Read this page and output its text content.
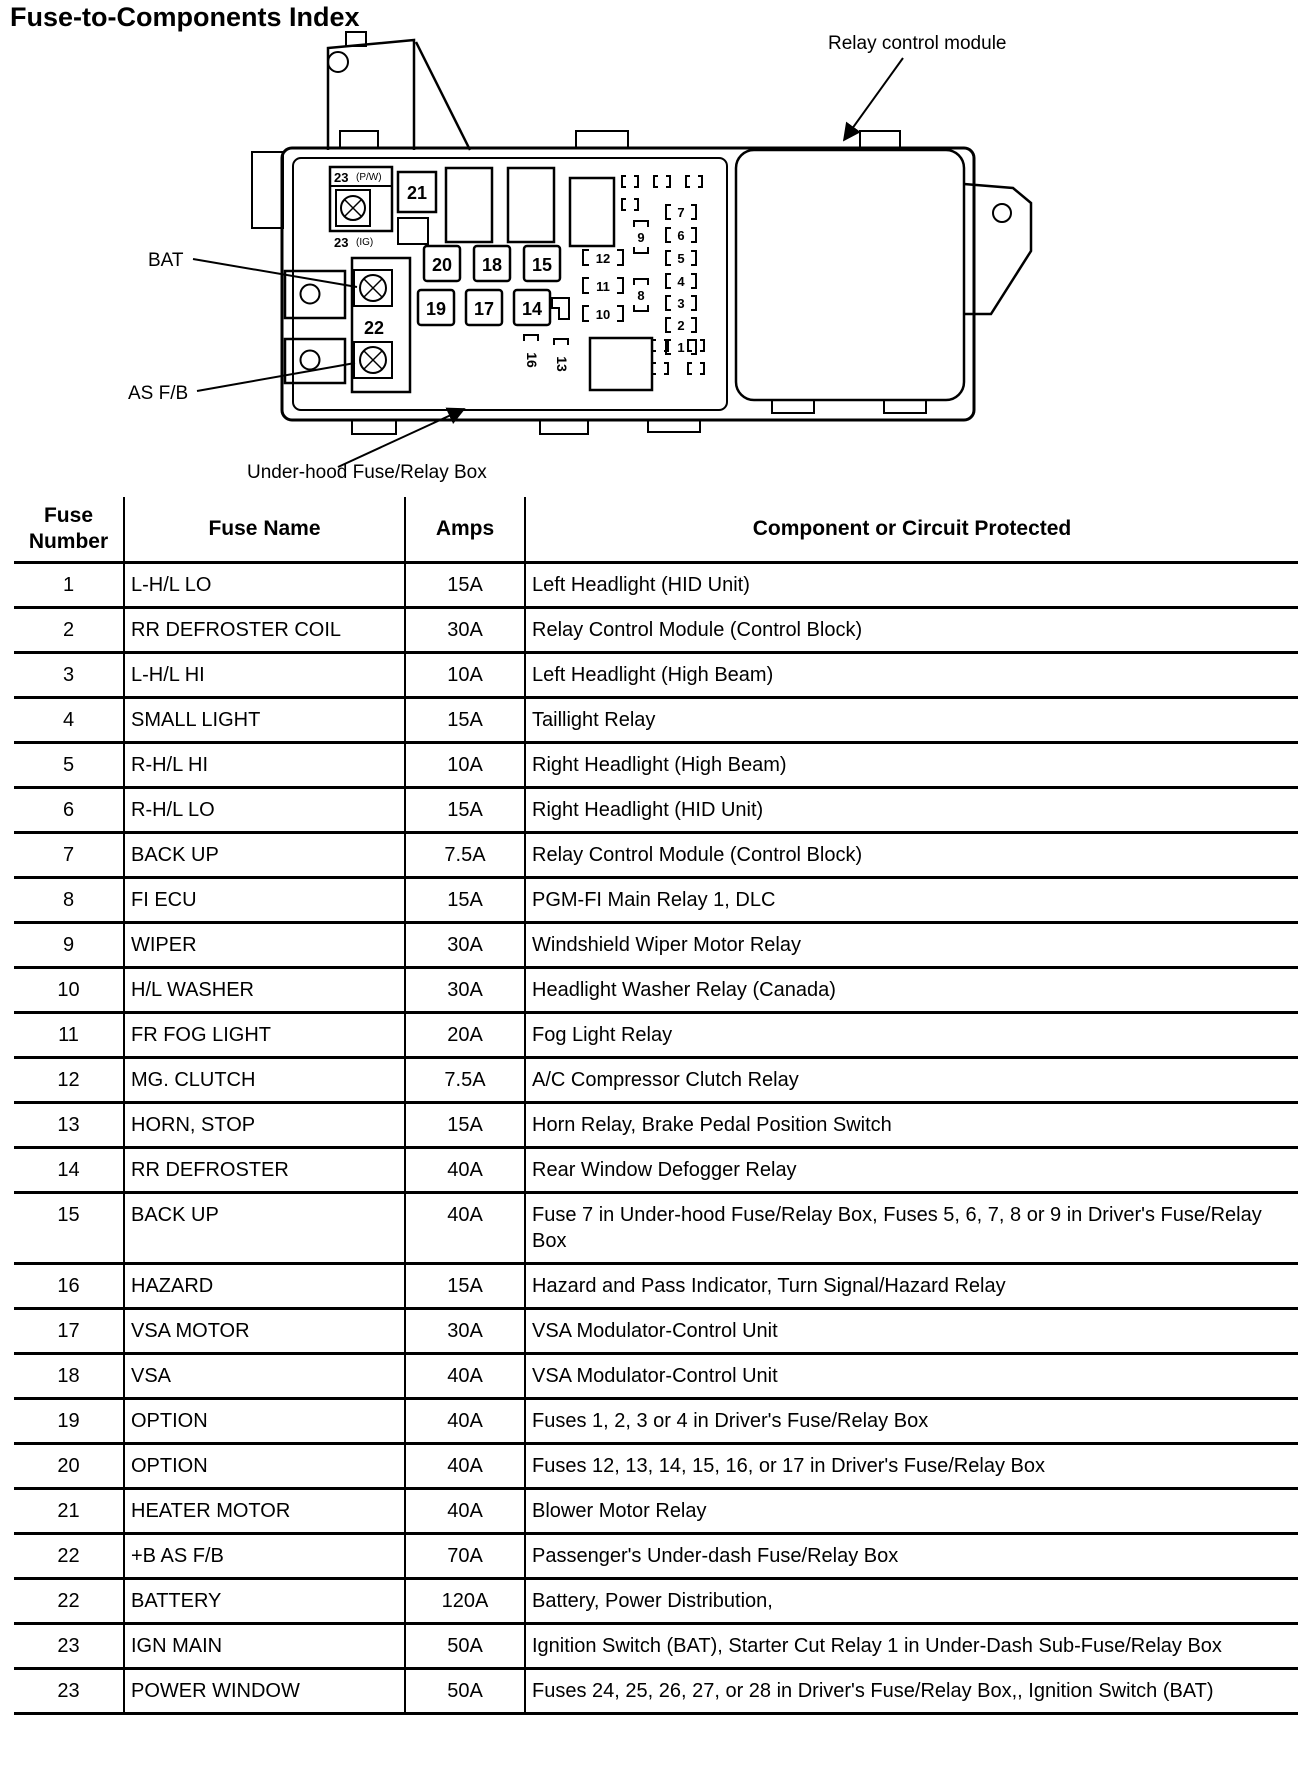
23 (P/W)
23 (IG)
21
20 18 15
19 17 14
22
12
11
10
9
8
7
6
5
4
3
2
1
16 13
Relay control module
BAT
AS F/B
Under-hood Fuse/Relay Box
Fuse-to-Components Index
Fuse Number	Fuse Name	Amps	Component or Circuit Protected
1	L-H/L LO	15A	Left Headlight (HID Unit)
2	RR DEFROSTER COIL	30A	Relay Control Module (Control Block)
3	L-H/L HI	10A	Left Headlight (High Beam)
4	SMALL LIGHT	15A	Taillight Relay
5	R-H/L HI	10A	Right Headlight (High Beam)
6	R-H/L LO	15A	Right Headlight (HID Unit)
7	BACK UP	7.5A	Relay Control Module (Control Block)
8	FI ECU	15A	PGM-FI Main Relay 1, DLC
9	WIPER	30A	Windshield Wiper Motor Relay
10	H/L WASHER	30A	Headlight Washer Relay (Canada)
11	FR FOG LIGHT	20A	Fog Light Relay
12	MG. CLUTCH	7.5A	A/C Compressor Clutch Relay
13	HORN, STOP	15A	Horn Relay, Brake Pedal Position Switch
14	RR DEFROSTER	40A	Rear Window Defogger Relay
15	BACK UP	40A	Fuse 7 in Under-hood Fuse/Relay Box, Fuses 5, 6, 7, 8 or 9 in Driver's Fuse/Relay Box
16	HAZARD	15A	Hazard and Pass Indicator, Turn Signal/Hazard Relay
17	VSA MOTOR	30A	VSA Modulator-Control Unit
18	VSA	40A	VSA Modulator-Control Unit
19	OPTION	40A	Fuses 1, 2, 3 or 4 in Driver's Fuse/Relay Box
20	OPTION	40A	Fuses 12, 13, 14, 15, 16, or 17 in Driver's Fuse/Relay Box
21	HEATER MOTOR	40A	Blower Motor Relay
22	+B AS F/B	70A	Passenger's Under-dash Fuse/Relay Box
22	BATTERY	120A	Battery, Power Distribution,
23	IGN MAIN	50A	Ignition Switch (BAT), Starter Cut Relay 1 in Under-Dash Sub-Fuse/Relay Box
23	POWER WINDOW	50A	Fuses 24, 25, 26, 27, or 28 in Driver's Fuse/Relay Box,, Ignition Switch (BAT)
